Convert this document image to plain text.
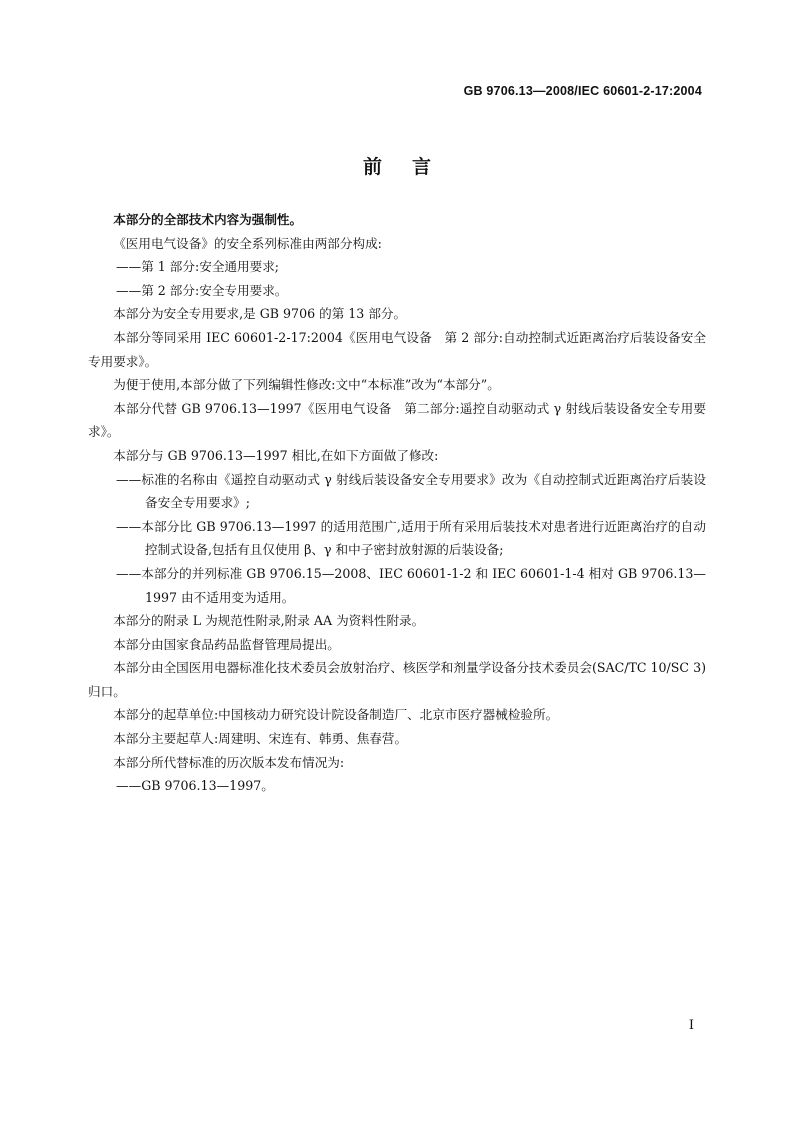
GB 9706.13—2008/IEC 60601-2-17:2004
前言

本部分的全部技术内容为强制性。

《医用电气设备》的安全系列标准由两部分构成:

——第 1 部分:安全通用要求;

——第 2 部分:安全专用要求。

本部分为安全专用要求,是 GB 9706 的第 13 部分。

本部分等同采用 IEC 60601-2-17:2004《医用电气设备　第 2 部分:自动控制式近距离治疗后装设备安全专用要求》。

为便于使用,本部分做了下列编辑性修改:文中“本标准”改为“本部分”。

本部分代替 GB 9706.13—1997《医用电气设备　第二部分:遥控自动驱动式 γ 射线后装设备安全专用要求》。

本部分与 GB 9706.13—1997 相比,在如下方面做了修改:

——标准的名称由《遥控自动驱动式 γ 射线后装设备安全专用要求》改为《自动控制式近距离治疗后装设备安全专用要求》;

——本部分比 GB 9706.13—1997 的适用范围广,适用于所有采用后装技术对患者进行近距离治疗的自动控制式设备,包括有且仅使用 β、γ 和中子密封放射源的后装设备;

——本部分的并列标准 GB 9706.15—2008、IEC 60601-1-2 和 IEC 60601-1-4 相对 GB 9706.13—1997 由不适用变为适用。

本部分的附录 L 为规范性附录,附录 AA 为资料性附录。

本部分由国家食品药品监督管理局提出。

本部分由全国医用电器标准化技术委员会放射治疗、核医学和剂量学设备分技术委员会(SAC/TC 10/SC 3)归口。

本部分的起草单位:中国核动力研究设计院设备制造厂、北京市医疗器械检验所。

本部分主要起草人:周建明、宋连有、韩勇、焦春营。

本部分所代替标准的历次版本发布情况为:

——GB 9706.13—1997。

I
